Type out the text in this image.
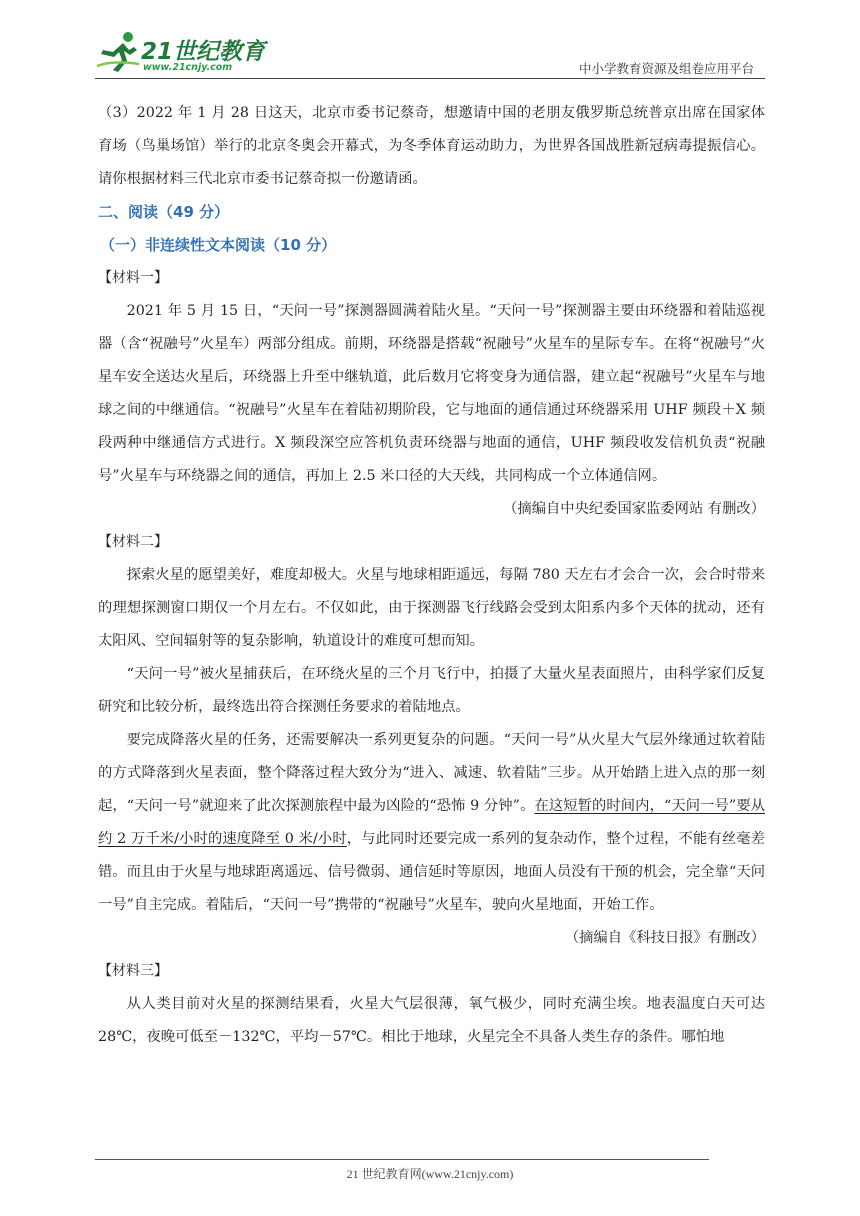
21世纪教育
www.21cnjy.com	中小学教育资源及组卷应用平台

（3）2022 年 1 月 28 日这天，北京市委书记蔡奇，想邀请中国的老朋友俄罗斯总统普京出席在国家体育场（鸟巢场馆）举行的北京冬奥会开幕式，为冬季体育运动助力，为世界各国战胜新冠病毒提振信心。请你根据材料三代北京市委书记蔡奇拟一份邀请函。

二、阅读（49 分）

（一）非连续性文本阅读（10 分）

【材料一】

2021 年 5 月 15 日，“天问一号”探测器圆满着陆火星。“天问一号”探测器主要由环绕器和着陆巡视器（含“祝融号”火星车）两部分组成。前期，环绕器是搭载“祝融号”火星车的星际专车。在将“祝融号”火星车安全送达火星后，环绕器上升至中继轨道，此后数月它将变身为通信器，建立起“祝融号”火星车与地球之间的中继通信。“祝融号”火星车在着陆初期阶段，它与地面的通信通过环绕器采用 UHF 频段＋X 频段两种中继通信方式进行。X 频段深空应答机负责环绕器与地面的通信，UHF 频段收发信机负责“祝融号”火星车与环绕器之间的通信，再加上 2.5 米口径的大天线，共同构成一个立体通信网。

（摘编自中央纪委国家监委网站 有删改）

【材料二】

探索火星的愿望美好，难度却极大。火星与地球相距遥远，每隔 780 天左右才会合一次，会合时带来的理想探测窗口期仅一个月左右。不仅如此，由于探测器飞行线路会受到太阳系内多个天体的扰动，还有太阳风、空间辐射等的复杂影响，轨道设计的难度可想而知。

“天问一号”被火星捕获后，在环绕火星的三个月飞行中，拍摄了大量火星表面照片，由科学家们反复研究和比较分析，最终选出符合探测任务要求的着陆地点。

要完成降落火星的任务，还需要解决一系列更复杂的问题。“天问一号”从火星大气层外缘通过软着陆的方式降落到火星表面，整个降落过程大致分为“进入、减速、软着陆”三步。从开始踏上进入点的那一刻起，“天问一号”就迎来了此次探测旅程中最为凶险的“恐怖 9 分钟”。在这短暂的时间内，“天问一号”要从约 2 万千米/小时的速度降至 0 米/小时，与此同时还要完成一系列的复杂动作，整个过程，不能有丝毫差错。而且由于火星与地球距离遥远、信号微弱、通信延时等原因，地面人员没有干预的机会，完全靠“天问一号”自主完成。着陆后，“天问一号”携带的“祝融号”火星车，驶向火星地面，开始工作。

（摘编自《科技日报》有删改）

【材料三】

从人类目前对火星的探测结果看，火星大气层很薄，氧气极少，同时充满尘埃。地表温度白天可达 28℃，夜晚可低至－132℃，平均－57℃。相比于地球，火星完全不具备人类生存的条件。哪怕地

21 世纪教育网(www.21cnjy.com)
